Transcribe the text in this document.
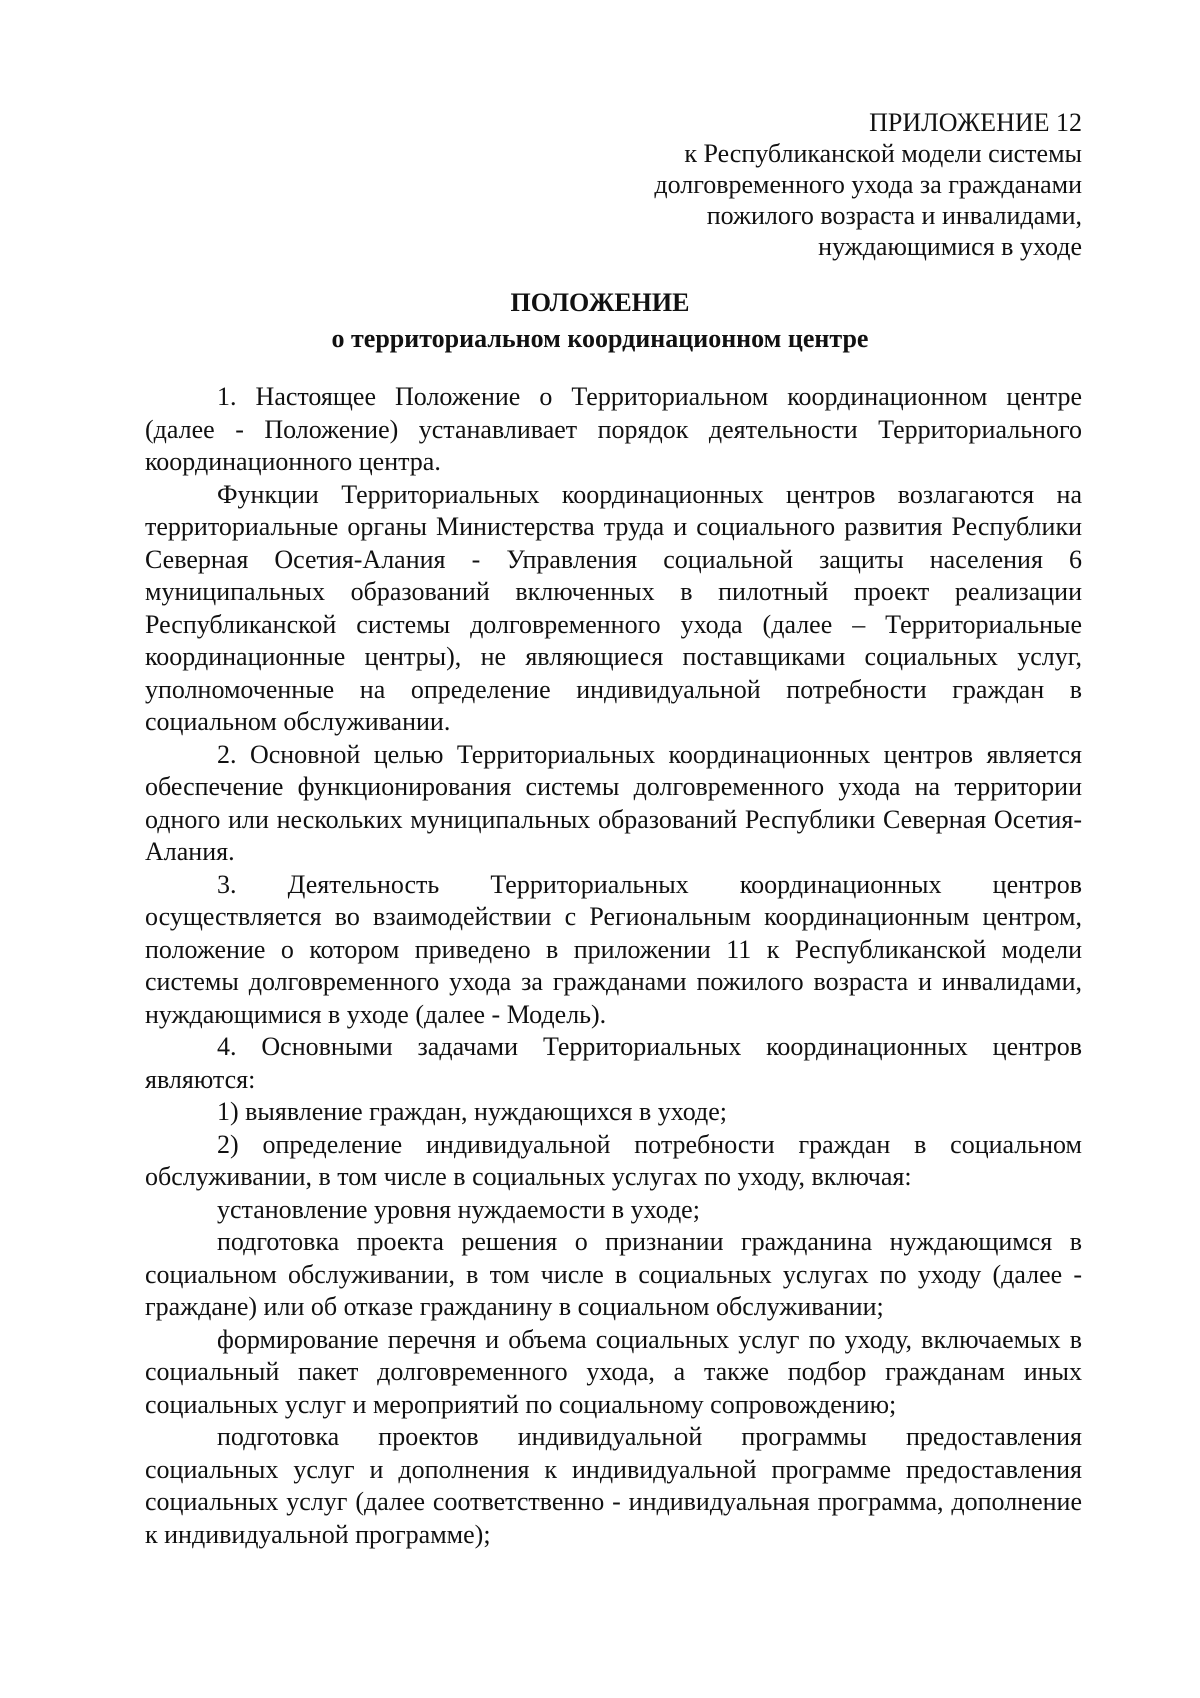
ПРИЛОЖЕНИЕ 12
к Республиканской модели системы
долговременного ухода за гражданами
пожилого возраста и инвалидами,
нуждающимися в уходе
ПОЛОЖЕНИЕ
о территориальном координационном центре

1. Настоящее Положение о Территориальном координационном центре (далее - Положение) устанавливает порядок деятельности Территориального координационного центра.

Функции Территориальных координационных центров возлагаются на территориальные органы Министерства труда и социального развития Республики Северная Осетия-Алания - Управления социальной защиты населения 6 муниципальных образований включенных в пилотный проект реализации Республиканской системы долговременного ухода (далее – Территориальные координационные центры), не являющиеся поставщиками социальных услуг, уполномоченные на определение индивидуальной потребности граждан в социальном обслуживании.

2. Основной целью Территориальных координационных центров является обеспечение функционирования системы долговременного ухода на территории одного или нескольких муниципальных образований Республики Северная Осетия-Алания.

3. Деятельность Территориальных координационных центров осуществляется во взаимодействии с Региональным координационным центром, положение о котором приведено в приложении 11 к Республиканской модели системы долговременного ухода за гражданами пожилого возраста и инвалидами, нуждающимися в уходе (далее - Модель).

4. Основными задачами Территориальных координационных центров являются:

1) выявление граждан, нуждающихся в уходе;

2) определение индивидуальной потребности граждан в социальном обслуживании, в том числе в социальных услугах по уходу, включая:

установление уровня нуждаемости в уходе;

подготовка проекта решения о признании гражданина нуждающимся в социальном обслуживании, в том числе в социальных услугах по уходу (далее - граждане) или об отказе гражданину в социальном обслуживании;

формирование перечня и объема социальных услуг по уходу, включаемых в социальный пакет долговременного ухода, а также подбор гражданам иных социальных услуг и мероприятий по социальному сопровождению;

подготовка проектов индивидуальной программы предоставления социальных услуг и дополнения к индивидуальной программе предоставления социальных услуг (далее соответственно - индивидуальная программа, дополнение к индивидуальной программе);
